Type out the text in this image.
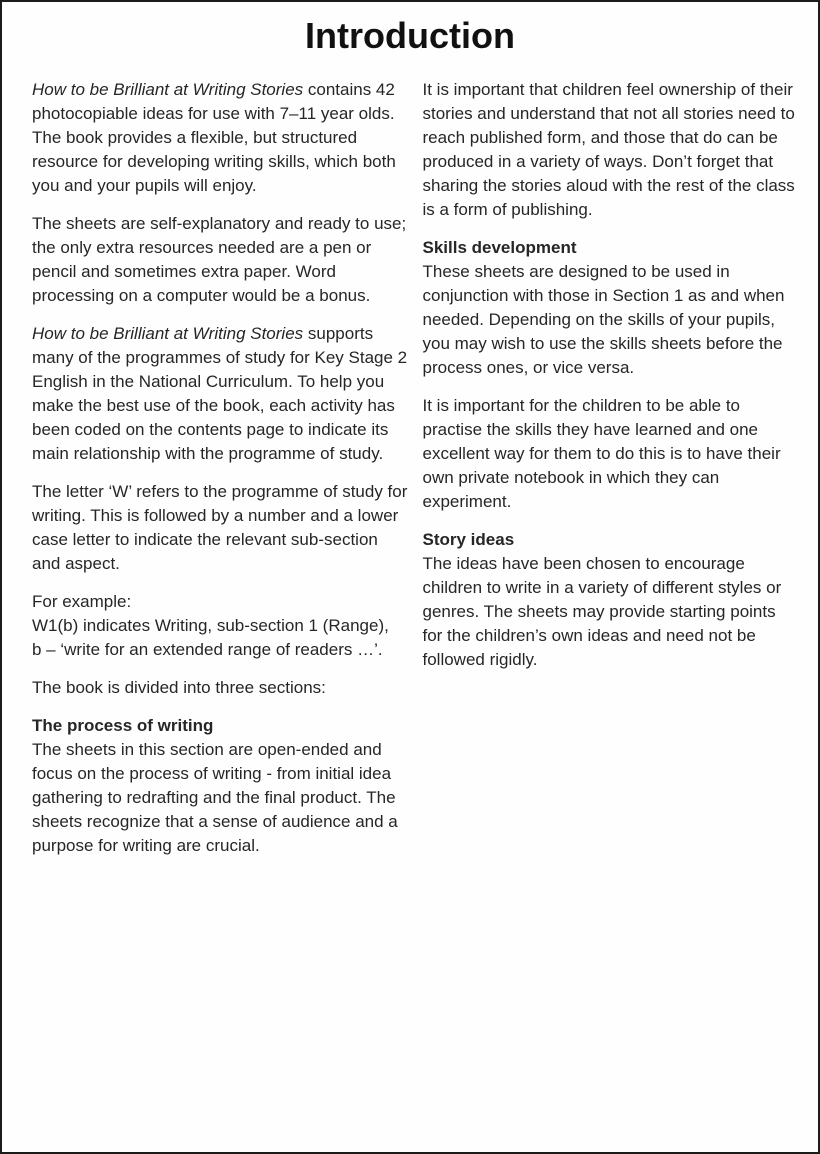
Introduction
How to be Brilliant at Writing Stories contains 42 photocopiable ideas for use with 7–11 year olds. The book provides a flexible, but structured resource for developing writing skills, which both you and your pupils will enjoy.
The sheets are self-explanatory and ready to use; the only extra resources needed are a pen or pencil and sometimes extra paper. Word processing on a computer would be a bonus.
How to be Brilliant at Writing Stories supports many of the programmes of study for Key Stage 2 English in the National Curriculum. To help you make the best use of the book, each activity has been coded on the contents page to indicate its main relationship with the programme of study.
The letter ‘W’ refers to the programme of study for writing. This is followed by a number and a lower case letter to indicate the relevant sub-section and aspect.
For example:
W1(b) indicates Writing, sub-section 1 (Range),
b – ‘write for an extended range of readers …’.
The book is divided into three sections:
The process of writing
The sheets in this section are open-ended and focus on the process of writing - from initial idea gathering to redrafting and the final product. The sheets recognize that a sense of audience and a purpose for writing are crucial.
It is important that children feel ownership of their stories and understand that not all stories need to reach published form, and those that do can be produced in a variety of ways. Don’t forget that sharing the stories aloud with the rest of the class is a form of publishing.
Skills development
These sheets are designed to be used in conjunction with those in Section 1 as and when needed. Depending on the skills of your pupils, you may wish to use the skills sheets before the process ones, or vice versa.
It is important for the children to be able to practise the skills they have learned and one excellent way for them to do this is to have their own private notebook in which they can experiment.
Story ideas
The ideas have been chosen to encourage children to write in a variety of different styles or genres. The sheets may provide starting points for the children’s own ideas and need not be followed rigidly.
